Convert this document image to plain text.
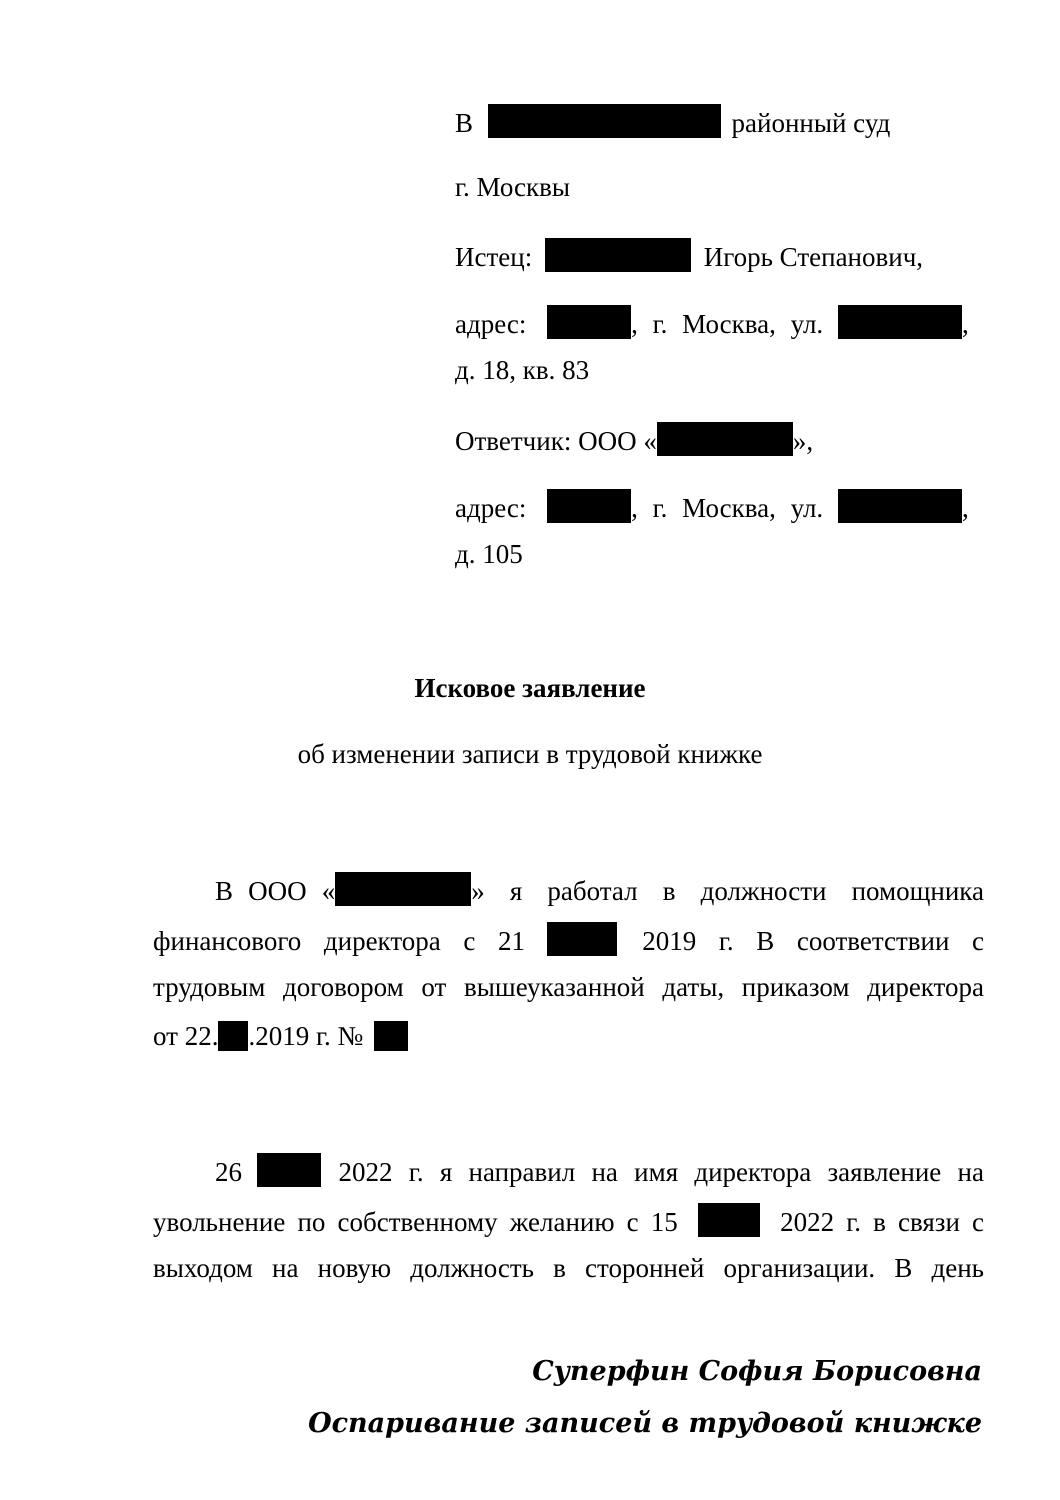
В	районный суд
г. Москвы
Истец:	Игорь Степанович,
адрес:	, г. Москва, ул.	,
д. 18, кв. 83
Ответчик: ООО «	»,
адрес:	, г. Москва, ул.	,
д. 105
Исковое заявление
об изменении записи в трудовой книжке
В ООО «	» я работал в должности помощника
финансового директора с 21	2019 г. В соответствии с
трудовым договором от вышеуказанной даты, приказом директора
от 22. .2019 г. №
26	2022 г. я направил на имя директора заявление на
увольнение по собственному желанию с 15	2022 г. в связи с
выходом на новую должность в сторонней организации. В день
Суперфин София Борисовна
Оспаривание записей в трудовой книжке
